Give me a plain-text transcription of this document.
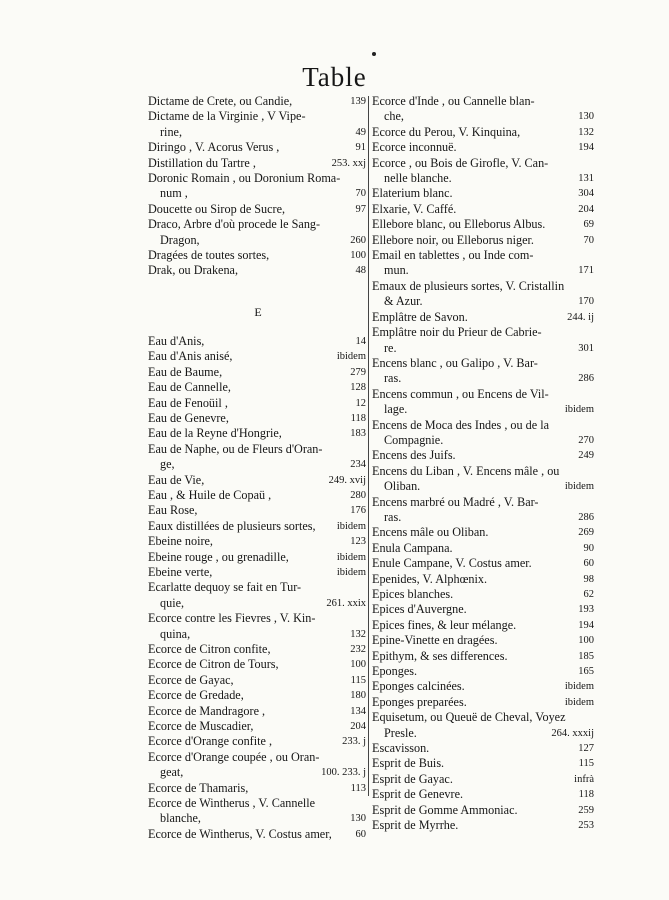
Table
Dictame de Crete, ou Candie,	139
Dictame de la Virginie , V Vipe-
rine,	49
Diringo , V. Acorus Verus ,	91
Distillation du Tartre ,	253. xxj
Doronic Romain , ou Doronium Roma-
num ,	70
Doucette ou Sirop de Sucre,	97
Draco, Arbre d'où procede le Sang-
Dragon,	260
Dragées de toutes sortes,	100
Drak, ou Drakena,	48
E
Eau d'Anis,	14
Eau d'Anis anisé,	ibidem
Eau de Baume,	279
Eau de Cannelle,	128
Eau de Fenoüil ,	12
Eau de Genevre,	118
Eau de la Reyne d'Hongrie,	183
Eau de Naphe, ou de Fleurs d'Oran-
ge,	234
Eau de Vie,	249. xvij
Eau , & Huile de Copaü ,	280
Eau Rose,	176
Eaux distillées de plusieurs sortes,	ibidem
Ebeine noire,	123
Ebeine rouge , ou grenadille,	ibidem
Ebeine verte,	ibidem
Ecarlatte dequoy se fait en Tur-
quie,	261. xxix
Ecorce contre les Fievres , V. Kin-
quina,	132
Ecorce de Citron confite,	232
Ecorce de Citron de Tours,	100
Ecorce de Gayac,	115
Ecorce de Gredade,	180
Ecorce de Mandragore ,	134
Ecorce de Muscadier,	204
Ecorce d'Orange confite ,	233. j
Ecorce d'Orange coupée , ou Oran-
geat,	100. 233. j
Ecorce de Thamaris,	113
Ecorce de Wintherus , V. Cannelle
blanche,	130
Ecorce de Wintherus, V. Costus amer,	60
Ecorce d'Inde , ou Cannelle blan-
che,	130
Ecorce du Perou, V. Kinquina,	132
Ecorce inconnuë.	194
Ecorce , ou Bois de Girofle, V. Can-
nelle blanche.	131
Elaterium blanc.	304
Elxarie, V. Caffé.	204
Ellebore blanc, ou Elleborus Albus.	69
Ellebore noir, ou Elleborus niger.	70
Email en tablettes , ou Inde com-
mun.	171
Emaux de plusieurs sortes, V. Cristallin
& Azur.	170
Emplâtre de Savon.	244. ij
Emplâtre noir du Prieur de Cabrie-
re.	301
Encens blanc , ou Galipo , V. Bar-
ras.	286
Encens commun , ou Encens de Vil-
lage.	ibidem
Encens de Moca des Indes , ou de la
Compagnie.	270
Encens des Juifs.	249
Encens du Liban , V. Encens mâle , ou
Oliban.	ibidem
Encens marbré ou Madré , V. Bar-
ras.	286
Encens mâle ou Oliban.	269
Enula Campana.	90
Enule Campane, V. Costus amer.	60
Epenides, V. Alphœnix.	98
Epices blanches.	62
Epices d'Auvergne.	193
Epices fines, & leur mélange.	194
Epine-Vinette en dragées.	100
Epithym, & ses differences.	185
Eponges.	165
Eponges calcinées.	ibidem
Eponges preparées.	ibidem
Equisetum, ou Queuë de Cheval, Voyez
Presle.	264. xxxij
Escavisson.	127
Esprit de Buis.	115
Esprit de Gayac.	infrà
Esprit de Genevre.	118
Esprit de Gomme Ammoniac.	259
Esprit de Myrrhe.	253
